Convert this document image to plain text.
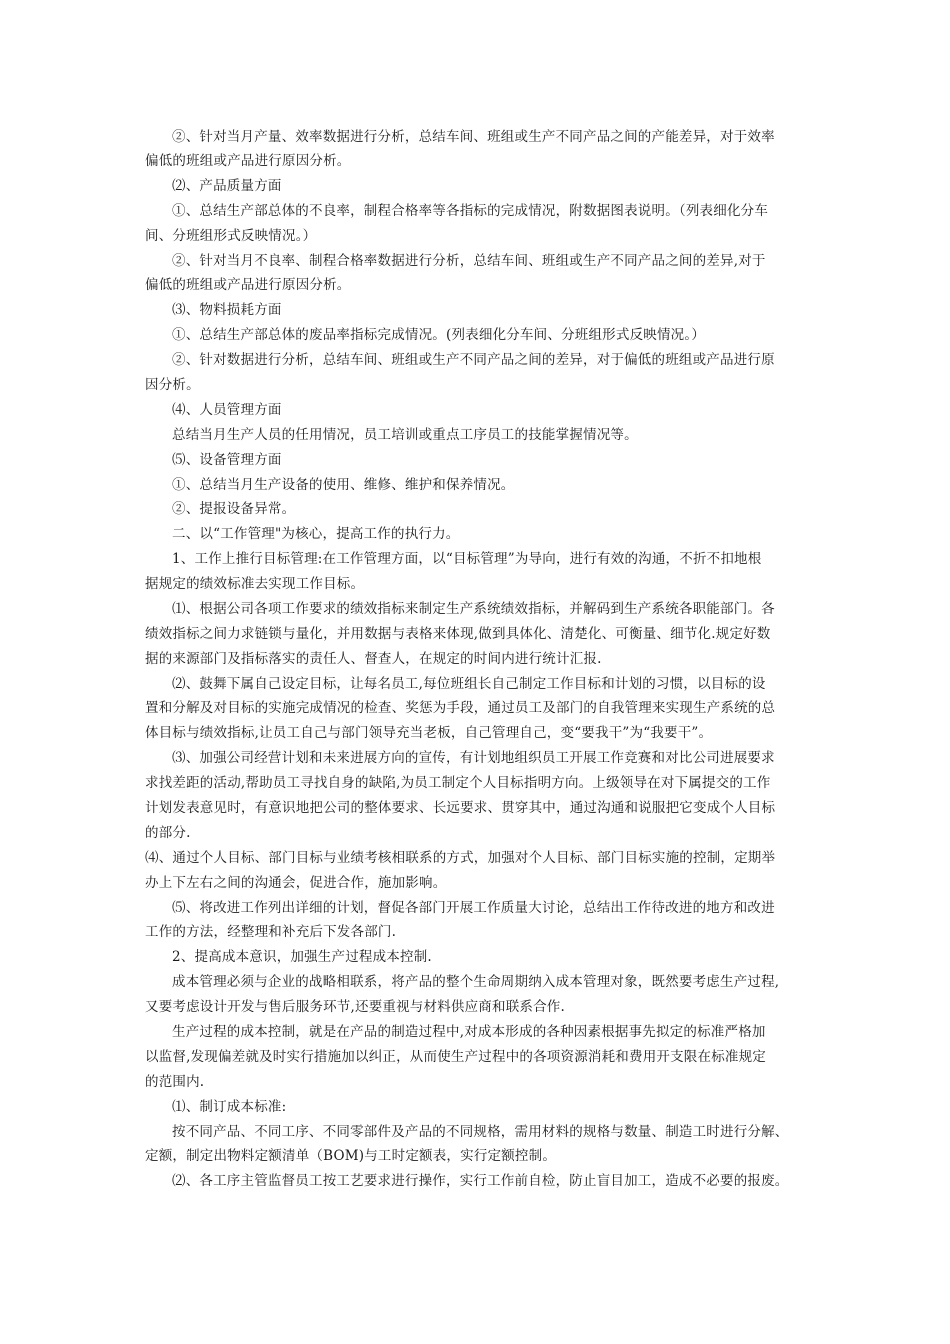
②、针对当月产量、效率数据进行分析，总结车间、班组或生产不同产品之间的产能差异，对于效率
偏低的班组或产品进行原因分析。
⑵、产品质量方面
①、总结生产部总体的不良率，制程合格率等各指标的完成情况，附数据图表说明。（列表细化分车
间、分班组形式反映情况。）
②、针对当月不良率、制程合格率数据进行分析，总结车间、班组或生产不同产品之间的差异,对于
偏低的班组或产品进行原因分析。
⑶、物料损耗方面
①、总结生产部总体的废品率指标完成情况。(列表细化分车间、分班组形式反映情况。）
②、针对数据进行分析，总结车间、班组或生产不同产品之间的差异，对于偏低的班组或产品进行原
因分析。
⑷、人员管理方面
总结当月生产人员的任用情况，员工培训或重点工序员工的技能掌握情况等。
⑸、设备管理方面
①、总结当月生产设备的使用、维修、维护和保养情况。
②、提报设备异常。
二、以“工作管理"为核心，提高工作的执行力。
1、工作上推行目标管理:在工作管理方面，以“目标管理”为导向，进行有效的沟通，不折不扣地根
据规定的绩效标准去实现工作目标。
⑴、根据公司各项工作要求的绩效指标来制定生产系统绩效指标，并解码到生产系统各职能部门。各
绩效指标之间力求链锁与量化，并用数据与表格来体现,做到具体化、清楚化、可衡量、细节化.规定好数
据的来源部门及指标落实的责任人、督查人，在规定的时间内进行统计汇报.
⑵、鼓舞下属自己设定目标，让每名员工,每位班组长自己制定工作目标和计划的习惯，以目标的设
置和分解及对目标的实施完成情况的检查、奖惩为手段，通过员工及部门的自我管理来实现生产系统的总
体目标与绩效指标,让员工自己与部门领导充当老板，自己管理自己，变“要我干”为“我要干”。
⑶、加强公司经营计划和未来进展方向的宣传，有计划地组织员工开展工作竞赛和对比公司进展要求
求找差距的活动,帮助员工寻找自身的缺陷,为员工制定个人目标指明方向。上级领导在对下属提交的工作
计划发表意见时，有意识地把公司的整体要求、长远要求、贯穿其中，通过沟通和说服把它变成个人目标
的部分.
⑷、通过个人目标、部门目标与业绩考核相联系的方式，加强对个人目标、部门目标实施的控制，定期举
办上下左右之间的沟通会，促进合作，施加影响。
⑸、将改进工作列出详细的计划，督促各部门开展工作质量大讨论，总结出工作待改进的地方和改进
工作的方法，经整理和补充后下发各部门.
2、提高成本意识，加强生产过程成本控制.
成本管理必须与企业的战略相联系，将产品的整个生命周期纳入成本管理对象，既然要考虑生产过程,
又要考虑设计开发与售后服务环节,还要重视与材料供应商和联系合作.
生产过程的成本控制，就是在产品的制造过程中,对成本形成的各种因素根据事先拟定的标准严格加
以监督,发现偏差就及时实行措施加以纠正，从而使生产过程中的各项资源消耗和费用开支限在标准规定
的范围内.
⑴、制订成本标准:
按不同产品、不同工序、不同零部件及产品的不同规格，需用材料的规格与数量、制造工时进行分解、
定额，制定出物料定额清单（BOM)与工时定额表，实行定额控制。
⑵、各工序主管监督员工按工艺要求进行操作，实行工作前自检，防止盲目加工，造成不必要的报废。
